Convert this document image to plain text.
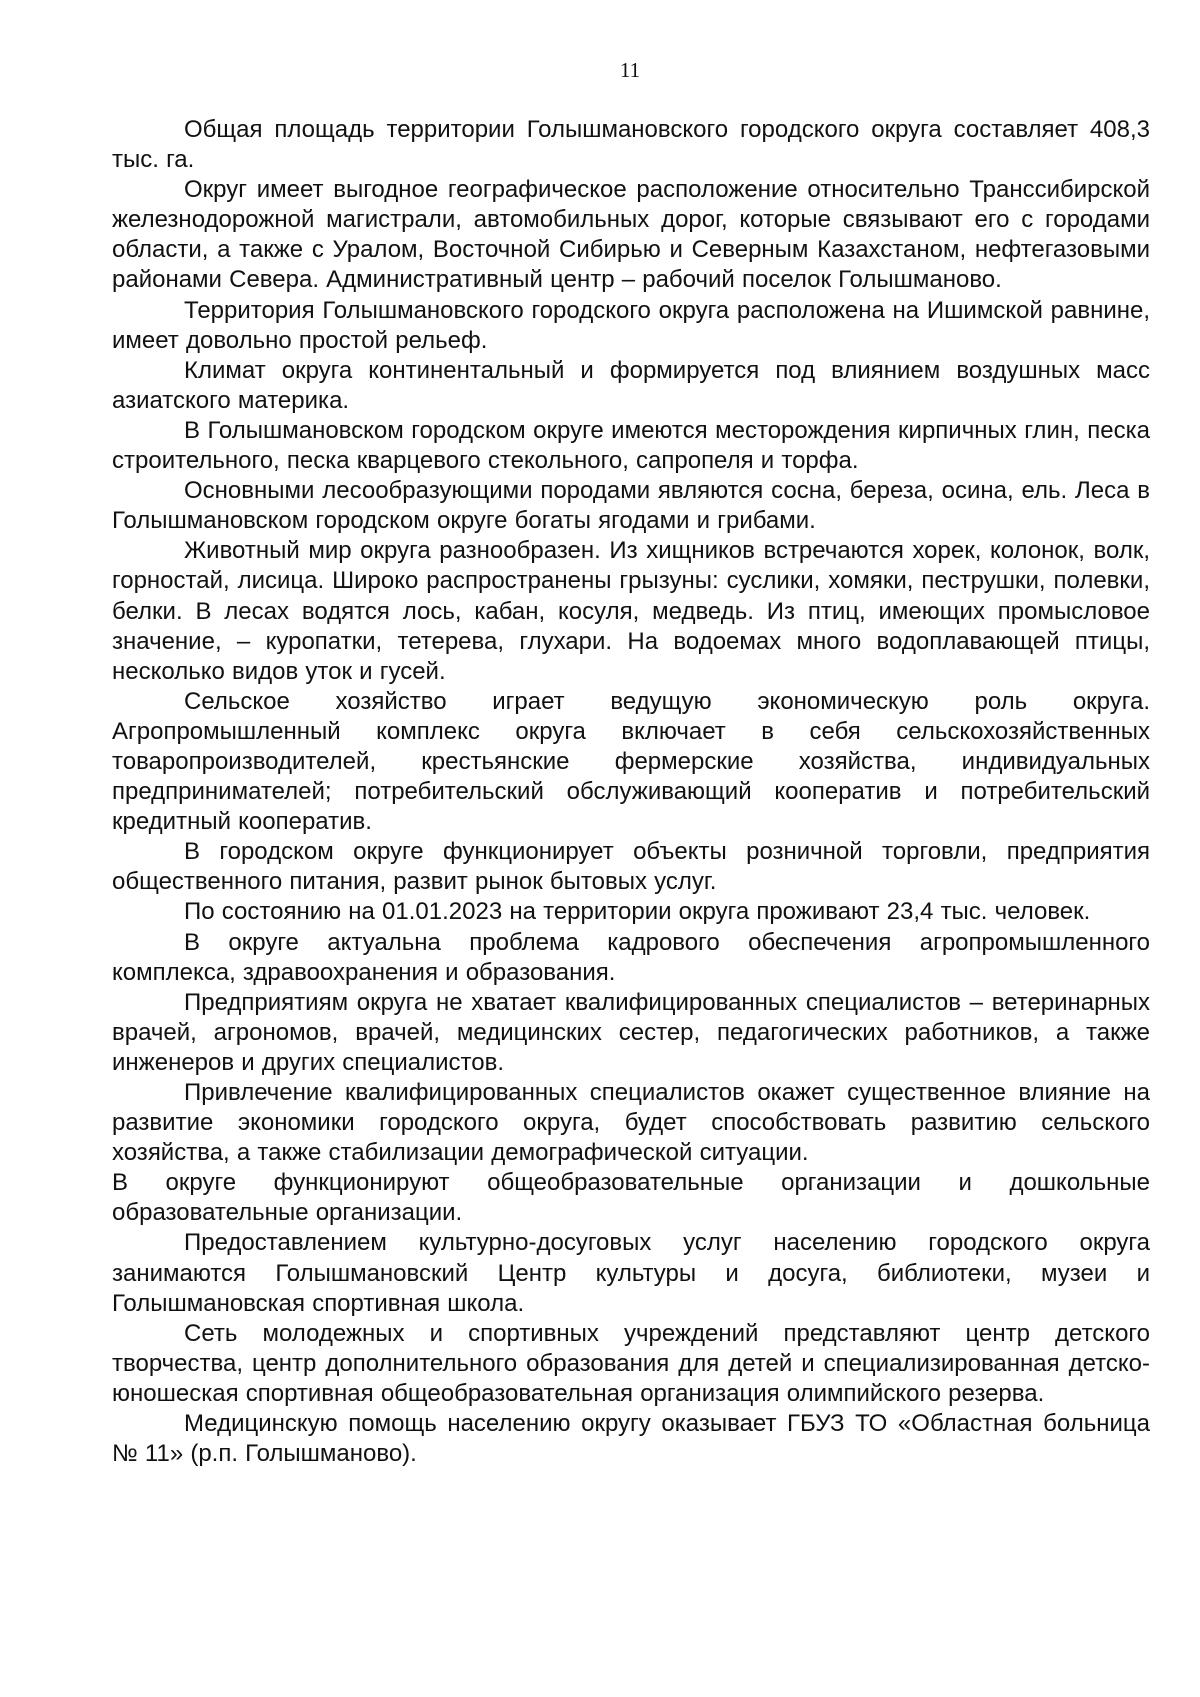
11

Общая площадь территории Голышмановского городского округа составляет 408,3 тыс. га.

Округ имеет выгодное географическое расположение относительно Транссибирской железнодорожной магистрали, автомобильных дорог, которые связывают его с городами области, а также с Уралом, Восточной Сибирью и Северным Казахстаном, нефтегазовыми районами Севера. Административный центр – рабочий поселок Голышманово.

Территория Голышмановского городского округа расположена на Ишимской равнине, имеет довольно простой рельеф.

Климат округа континентальный и формируется под влиянием воздушных масс азиатского материка.

В Голышмановском городском округе имеются месторождения кирпичных глин, песка строительного, песка кварцевого стекольного, сапропеля и торфа.

Основными лесообразующими породами являются сосна, береза, осина, ель. Леса в Голышмановском городском округе богаты ягодами и грибами.

Животный мир округа разнообразен. Из хищников встречаются хорек, колонок, волк, горностай, лисица. Широко распространены грызуны: суслики, хомяки, пеструшки, полевки, белки. В лесах водятся лось, кабан, косуля, медведь. Из птиц, имеющих промысловое значение, – куропатки, тетерева, глухари. На водоемах много водоплавающей птицы, несколько видов уток и гусей.

Сельское хозяйство играет ведущую экономическую роль округа. Агропромышленный комплекс округа включает в себя сельскохозяйственных товаропроизводителей, крестьянские фермерские хозяйства, индивидуальных предпринимателей; потребительский обслуживающий кооператив и потребительский кредитный кооператив.

В городском округе функционирует объекты розничной торговли, предприятия общественного питания, развит рынок бытовых услуг.

По состоянию на 01.01.2023 на территории округа проживают 23,4 тыс. человек.

В округе актуальна проблема кадрового обеспечения агропромышленного комплекса, здравоохранения и образования.

Предприятиям округа не хватает квалифицированных специалистов – ветеринарных врачей, агрономов, врачей, медицинских сестер, педагогических работников, а также инженеров и других специалистов.

Привлечение квалифицированных специалистов окажет существенное влияние на развитие экономики городского округа, будет способствовать развитию сельского хозяйства, а также стабилизации демографической ситуации.

В округе функционируют общеобразовательные организации и дошкольные образовательные организации.

Предоставлением культурно-досуговых услуг населению городского округа занимаются Голышмановский Центр культуры и досуга, библиотеки, музеи и Голышмановская спортивная школа.

Сеть молодежных и спортивных учреждений представляют центр детского творчества, центр дополнительного образования для детей и специализированная детско-юношеская спортивная общеобразовательная организация олимпийского резерва.

Медицинскую помощь населению округу оказывает ГБУЗ ТО «Областная больница № 11» (р.п. Голышманово).
